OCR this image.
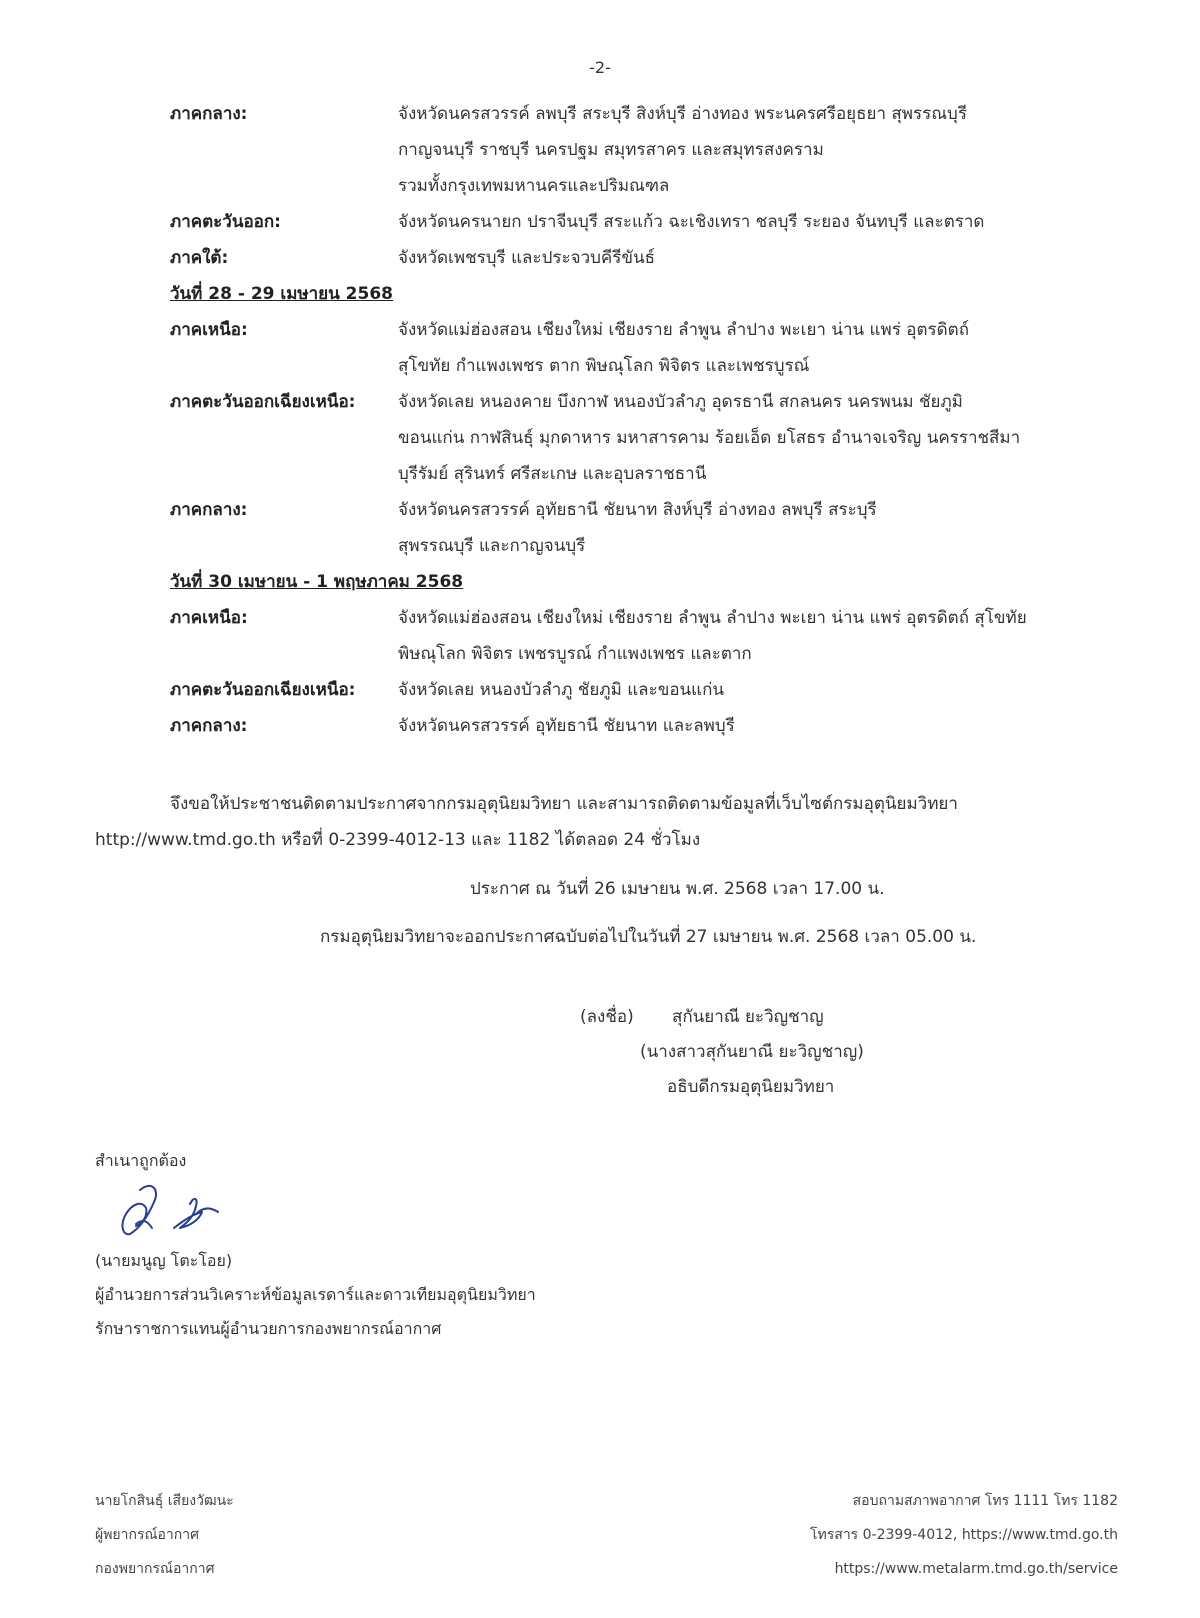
-2-
ภาคกลาง:	จังหวัดนครสวรรค์ ลพบุรี สระบุรี สิงห์บุรี อ่างทอง พระนครศรีอยุธยา สุพรรณบุรี
กาญจนบุรี ราชบุรี นครปฐม สมุทรสาคร และสมุทรสงคราม
รวมทั้งกรุงเทพมหานครและปริมณฑล
ภาคตะวันออก:	จังหวัดนครนายก ปราจีนบุรี สระแก้ว ฉะเชิงเทรา ชลบุรี ระยอง จันทบุรี และตราด
ภาคใต้:	จังหวัดเพชรบุรี และประจวบคีรีขันธ์
วันที่ 28 - 29 เมษายน 2568
ภาคเหนือ:	จังหวัดแม่ฮ่องสอน เชียงใหม่ เชียงราย ลำพูน ลำปาง พะเยา น่าน แพร่ อุตรดิตถ์
สุโขทัย กำแพงเพชร ตาก พิษณุโลก พิจิตร และเพชรบูรณ์
ภาคตะวันออกเฉียงเหนือ:	จังหวัดเลย หนองคาย บึงกาฬ หนองบัวลำภู อุดรธานี สกลนคร นครพนม ชัยภูมิ
ขอนแก่น กาฬสินธุ์ มุกดาหาร มหาสารคาม ร้อยเอ็ด ยโสธร อำนาจเจริญ นครราชสีมา
บุรีรัมย์ สุรินทร์ ศรีสะเกษ และอุบลราชธานี
ภาคกลาง:	จังหวัดนครสวรรค์ อุทัยธานี ชัยนาท สิงห์บุรี อ่างทอง ลพบุรี สระบุรี
สุพรรณบุรี และกาญจนบุรี
วันที่ 30 เมษายน - 1 พฤษภาคม 2568
ภาคเหนือ:	จังหวัดแม่ฮ่องสอน เชียงใหม่ เชียงราย ลำพูน ลำปาง พะเยา น่าน แพร่ อุตรดิตถ์ สุโขทัย
พิษณุโลก พิจิตร เพชรบูรณ์ กำแพงเพชร และตาก
ภาคตะวันออกเฉียงเหนือ:	จังหวัดเลย หนองบัวลำภู ชัยภูมิ และขอนแก่น
ภาคกลาง:	จังหวัดนครสวรรค์ อุทัยธานี ชัยนาท และลพบุรี
จึงขอให้ประชาชนติดตามประกาศจากกรมอุตุนิยมวิทยา และสามารถติดตามข้อมูลที่เว็บไซต์กรมอุตุนิยมวิทยา
http://www.tmd.go.th หรือที่ 0-2399-4012-13 และ 1182 ได้ตลอด 24 ชั่วโมง
ประกาศ ณ วันที่ 26 เมษายน พ.ศ. 2568 เวลา 17.00 น.
กรมอุตุนิยมวิทยาจะออกประกาศฉบับต่อไปในวันที่ 27 เมษายน พ.ศ. 2568 เวลา 05.00 น.
(ลงชื่อ) สุกันยาณี ยะวิญชาญ
(นางสาวสุกันยาณี ยะวิญชาญ)
อธิบดีกรมอุตุนิยมวิทยา
สำเนาถูกต้อง
(นายมนูญ โตะโอย)
ผู้อำนวยการส่วนวิเคราะห์ข้อมูลเรดาร์และดาวเทียมอุตุนิยมวิทยา
รักษาราชการแทนผู้อำนวยการกองพยากรณ์อากาศ
นายโกสินธุ์ เสียงวัฒนะ
ผู้พยากรณ์อากาศ
กองพยากรณ์อากาศ
สอบถามสภาพอากาศ โทร 1111 โทร 1182
โทรสาร 0-2399-4012, https://www.tmd.go.th
https://www.metalarm.tmd.go.th/service
